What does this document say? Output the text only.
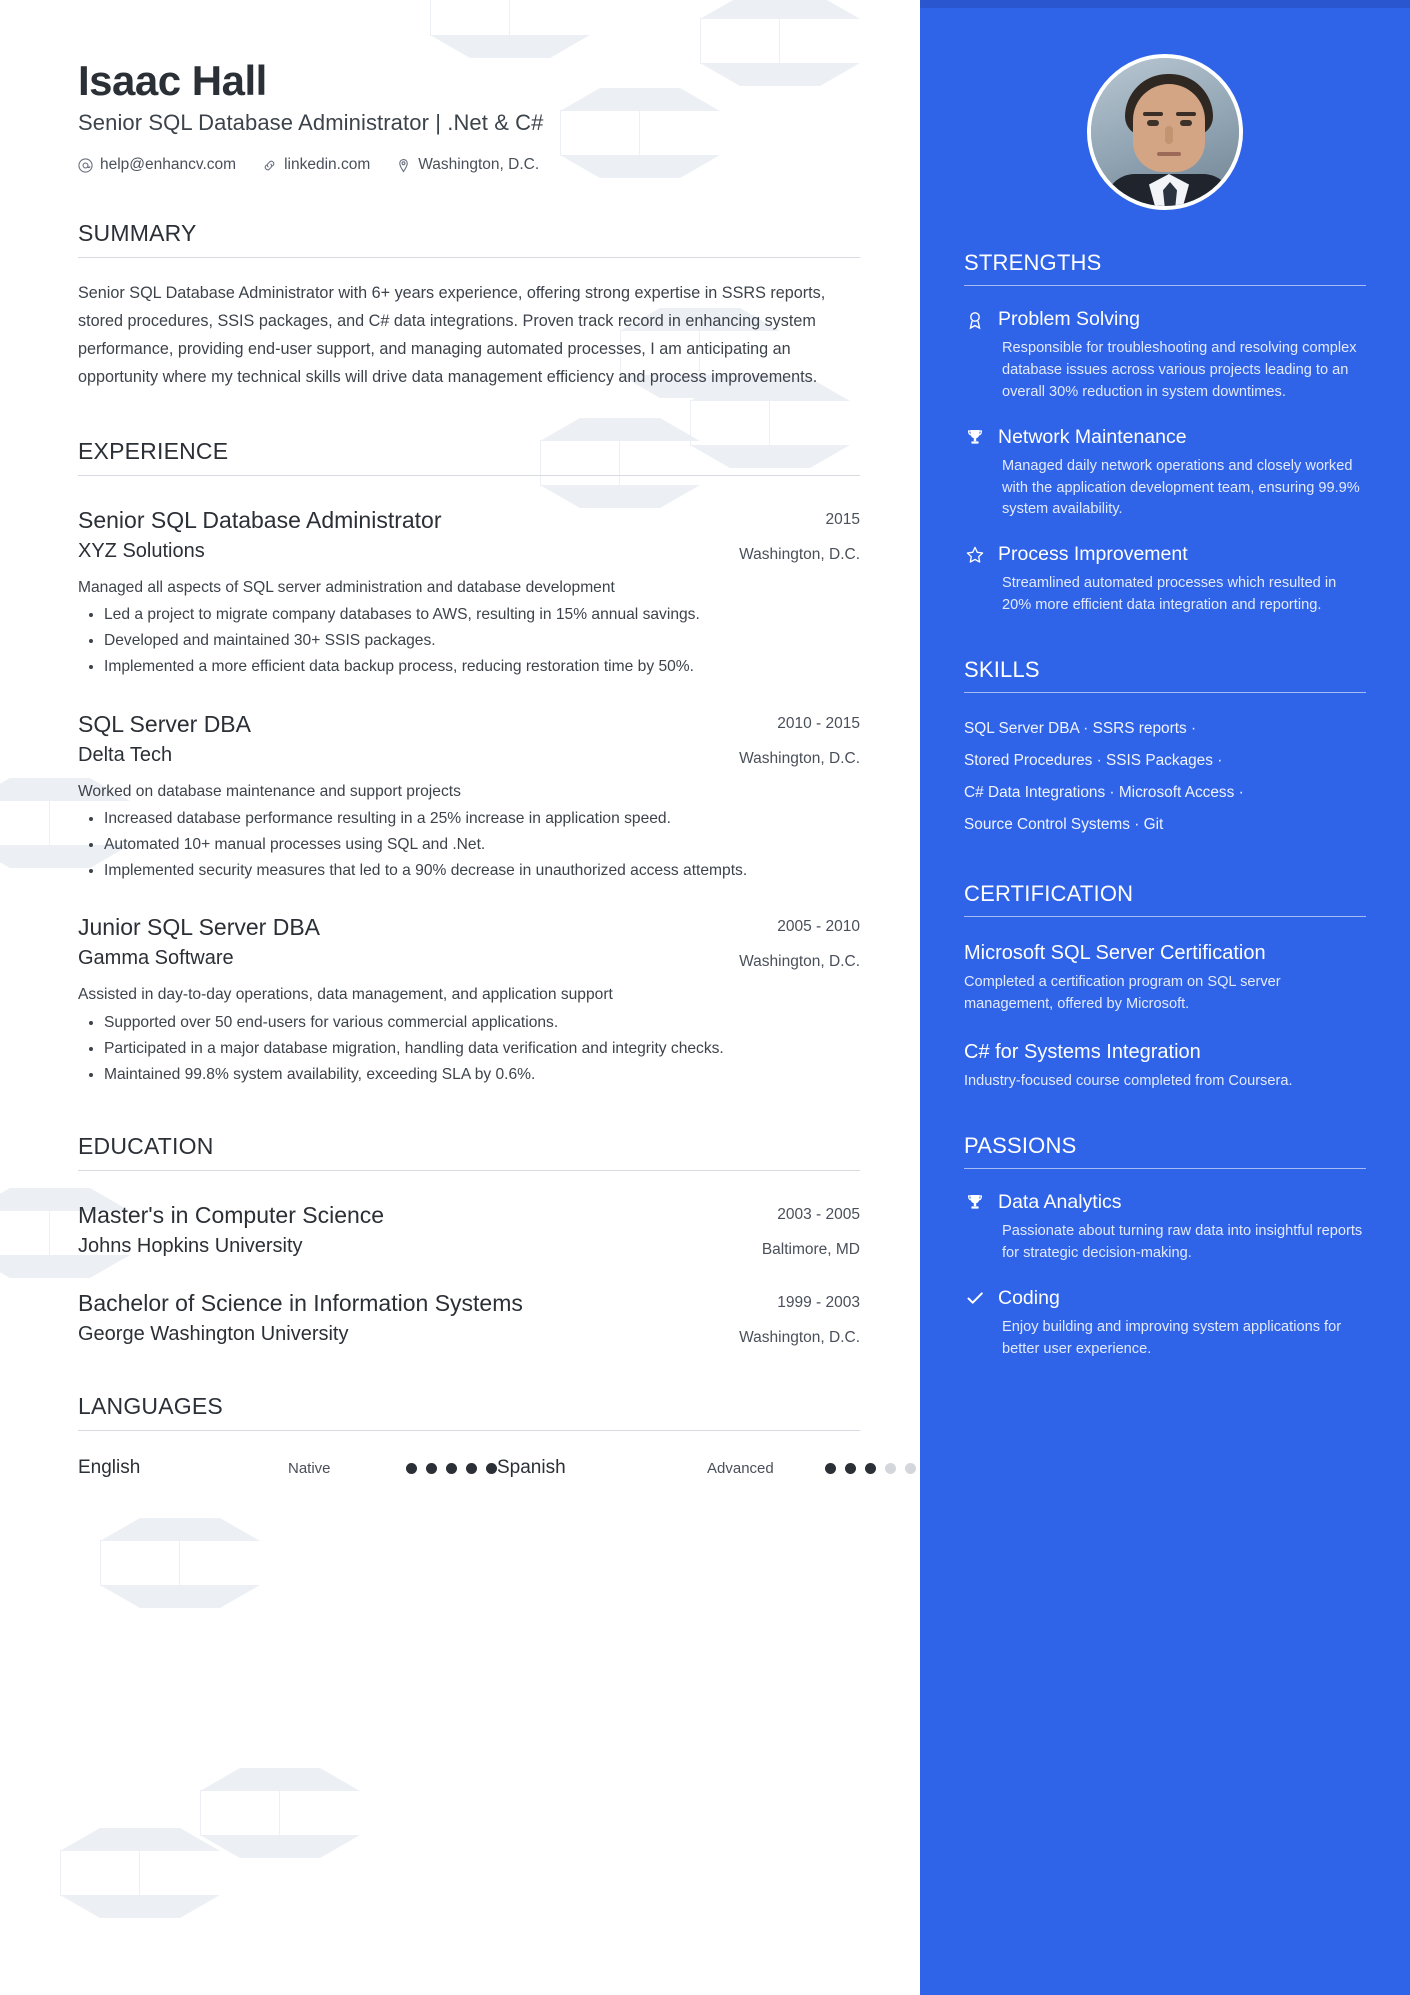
Isaac Hall
Senior SQL Database Administrator | .Net & C#
help@enhancv.com	linkedin.com	Washington, D.C.
SUMMARY
Senior SQL Database Administrator with 6+ years experience, offering strong expertise in SSRS reports, stored procedures, SSIS packages, and C# data integrations. Proven track record in enhancing system performance, providing end-user support, and managing automated processes, I am anticipating an opportunity where my technical skills will drive data management efficiency and process improvements.
EXPERIENCE
Senior SQL Database Administrator	2015
XYZ Solutions	Washington, D.C.
Managed all aspects of SQL server administration and database development
• Led a project to migrate company databases to AWS, resulting in 15% annual savings.
• Developed and maintained 30+ SSIS packages.
• Implemented a more efficient data backup process, reducing restoration time by 50%.
SQL Server DBA	2010 - 2015
Delta Tech	Washington, D.C.
Worked on database maintenance and support projects
• Increased database performance resulting in a 25% increase in application speed.
• Automated 10+ manual processes using SQL and .Net.
• Implemented security measures that led to a 90% decrease in unauthorized access attempts.
Junior SQL Server DBA	2005 - 2010
Gamma Software	Washington, D.C.
Assisted in day-to-day operations, data management, and application support
• Supported over 50 end-users for various commercial applications.
• Participated in a major database migration, handling data verification and integrity checks.
• Maintained 99.8% system availability, exceeding SLA by 0.6%.
EDUCATION
Master's in Computer Science	2003 - 2005
Johns Hopkins University	Baltimore, MD
Bachelor of Science in Information Systems	1999 - 2003
George Washington University	Washington, D.C.
LANGUAGES
English	Native	Spanish	Advanced
STRENGTHS
Problem Solving
Responsible for troubleshooting and resolving complex database issues across various projects leading to an overall 30% reduction in system downtimes.
Network Maintenance
Managed daily network operations and closely worked with the application development team, ensuring 99.9% system availability.
Process Improvement
Streamlined automated processes which resulted in 20% more efficient data integration and reporting.
SKILLS
SQL Server DBA · SSRS reports ·
Stored Procedures · SSIS Packages ·
C# Data Integrations · Microsoft Access ·
Source Control Systems · Git
CERTIFICATION
Microsoft SQL Server Certification
Completed a certification program on SQL server management, offered by Microsoft.
C# for Systems Integration
Industry-focused course completed from Coursera.
PASSIONS
Data Analytics
Passionate about turning raw data into insightful reports for strategic decision-making.
Coding
Enjoy building and improving system applications for better user experience.
